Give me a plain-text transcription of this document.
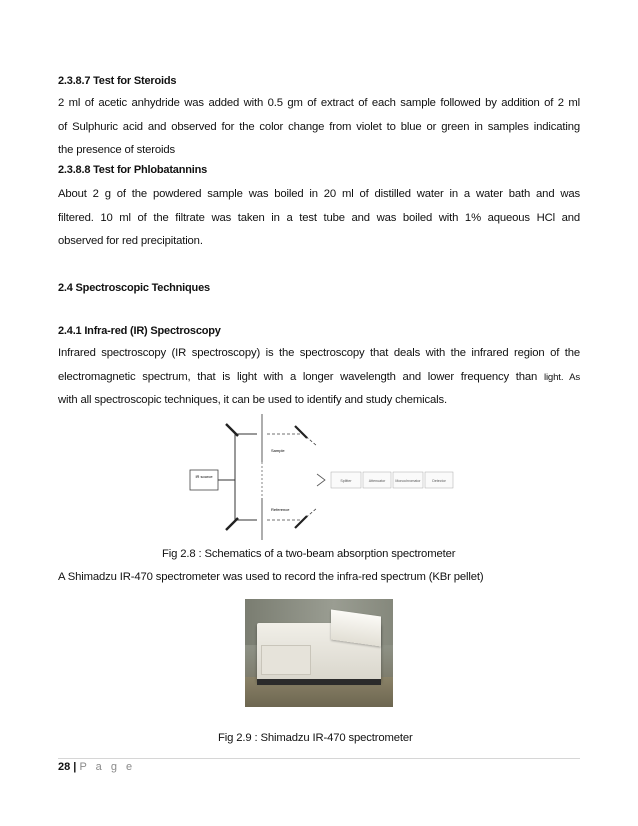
2.3.8.7 Test for Steroids
2 ml of acetic anhydride was added with 0.5 gm of extract of each sample followed by addition of 2 ml
of Sulphuric acid and observed for the color change from violet to blue or green in samples indicating
the presence of steroids
2.3.8.8 Test for Phlobatannins
About 2 g of the powdered sample was boiled in 20 ml of distilled water in a water bath and was
filtered. 10 ml of the filtrate was taken in a test tube and was boiled with 1% aqueous HCl and
observed for red precipitation.
2.4 Spectroscopic Techniques
2.4.1 Infra-red (IR) Spectroscopy
Infrared spectroscopy (IR spectroscopy) is the spectroscopy that deals with the infrared region of the
electromagnetic spectrum, that is light with a longer wavelength and lower frequency than light. As
with all spectroscopic techniques, it can be used to identify and study chemicals.
IR source
Sample
Reference
Splitter	Attenuator	Monochromator	Detector
Fig 2.8 : Schematics of a two-beam absorption spectrometer
A Shimadzu IR-470 spectrometer was used to record the infra-red spectrum (KBr pellet)
Fig 2.9 : Shimadzu IR-470 spectrometer
28 | P a g e
